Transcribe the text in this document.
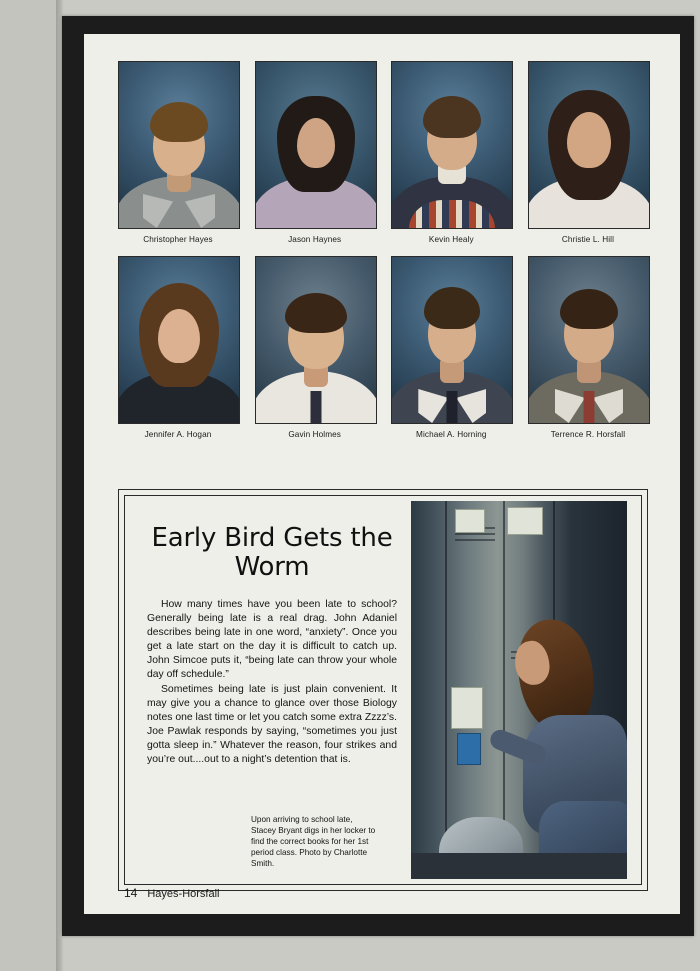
Christopher Hayes	Jason Haynes	Kevin Healy	Christie L. Hill
Jennifer A. Hogan	Gavin Holmes	Michael A. Horning	Terrence R. Horsfall
Early Bird Gets the
Worm

How many times have you been late to school? Generally being late is a real drag. John Adaniel describes being late in one word, “anxiety”. Once you get a late start on the day it is difficult to catch up. John Simcoe puts it, “being late can throw your whole day off schedule.”

Sometimes being late is just plain convenient. It may give you a chance to glance over those Biology notes one last time or let you catch some extra Zzzz’s. Joe Pawlak responds by saying, “sometimes you just gotta sleep in.” Whatever the reason, four strikes and you’re out....out to a night’s detention that is.

Upon arriving to school late, Stacey Bryant digs in her locker to find the correct books for her 1st period class. Photo by Charlotte Smith.
14 Hayes-Horsfall
